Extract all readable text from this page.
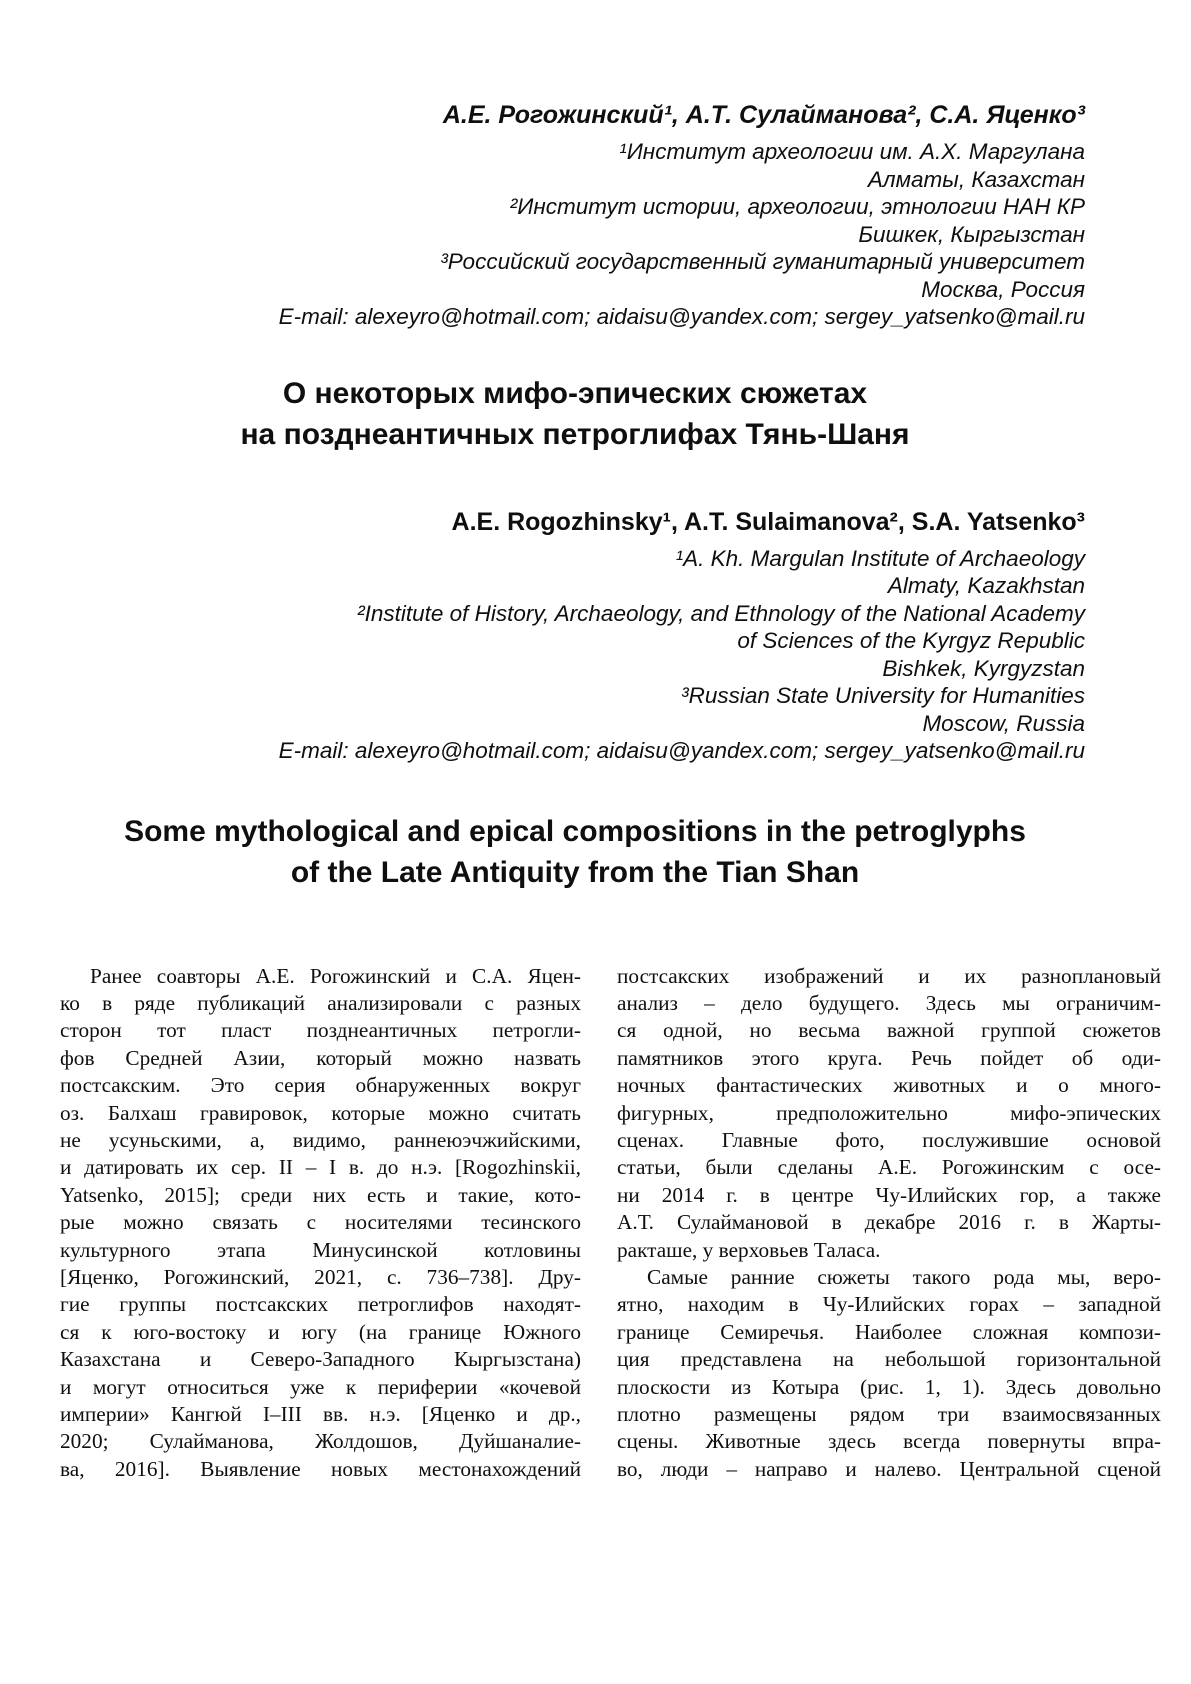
А.Е. Рогожинский¹, А.Т. Сулайманова², С.А. Яценко³
¹Институт археологии им. А.Х. Маргулана
Алматы, Казахстан
²Институт истории, археологии, этнологии НАН КР
Бишкек, Кыргызстан
³Российский государственный гуманитарный университет
Москва, Россия
E-mail: alexeyro@hotmail.com; aidaisu@yandex.com; sergey_yatsenko@mail.ru
О некоторых мифо-эпических сюжетах
на позднеантичных петроглифах Тянь-Шаня
A.E. Rogozhinsky¹, A.T. Sulaimanova², S.A. Yatsenko³
¹A. Kh. Margulan Institute of Archaeology
Almaty, Kazakhstan
²Institute of History, Archaeology, and Ethnology of the National Academy
of Sciences of the Kyrgyz Republic
Bishkek, Kyrgyzstan
³Russian State University for Humanities
Moscow, Russia
E-mail: alexeyro@hotmail.com; aidaisu@yandex.com; sergey_yatsenko@mail.ru
Some mythological and epical compositions in the petroglyphs
of the Late Antiquity from the Tian Shan
Ранее соавторы А.Е. Рогожинский и С.А. Яцен-
ко в ряде публикаций анализировали с разных
сторон тот пласт позднеантичных петрогли-
фов Средней Азии, который можно назвать
постсакским. Это серия обнаруженных вокруг
оз. Балхаш гравировок, которые можно считать
не усуньскими, а, видимо, раннеюэчжийскими,
и датировать их сер. II – I в. до н.э. [Rogozhinskii,
Yatsenko, 2015]; среди них есть и такие, кото-
рые можно связать с носителями тесинского
культурного этапа Минусинской котловины
[Яценко, Рогожинский, 2021, с. 736–738]. Дру-
гие группы постсакских петроглифов находят-
ся к юго-востоку и югу (на границе Южного
Казахстана и Северо-Западного Кыргызстана)
и могут относиться уже к периферии «кочевой
империи» Кангюй I–III вв. н.э. [Яценко и др.,
2020; Сулайманова, Жолдошов, Дуйшаналие-
ва, 2016]. Выявление новых местонахождений
постсакских изображений и их разноплановый
анализ – дело будущего. Здесь мы ограничим-
ся одной, но весьма важной группой сюжетов
памятников этого круга. Речь пойдет об оди-
ночных фантастических животных и о много-
фигурных, предположительно мифо-эпических
сценах. Главные фото, послужившие основой
статьи, были сделаны А.Е. Рогожинским с осе-
ни 2014 г. в центре Чу-Илийских гор, а также
А.Т. Сулаймановой в декабре 2016 г. в Жарты-
ракташе, у верховьев Таласа.
Самые ранние сюжеты такого рода мы, веро-
ятно, находим в Чу-Илийских горах – западной
границе Семиречья. Наиболее сложная компози-
ция представлена на небольшой горизонтальной
плоскости из Котыра (рис. 1, 1). Здесь довольно
плотно размещены рядом три взаимосвязанных
сцены. Животные здесь всегда повернуты впра-
во, люди – направо и налево. Центральной сценой
